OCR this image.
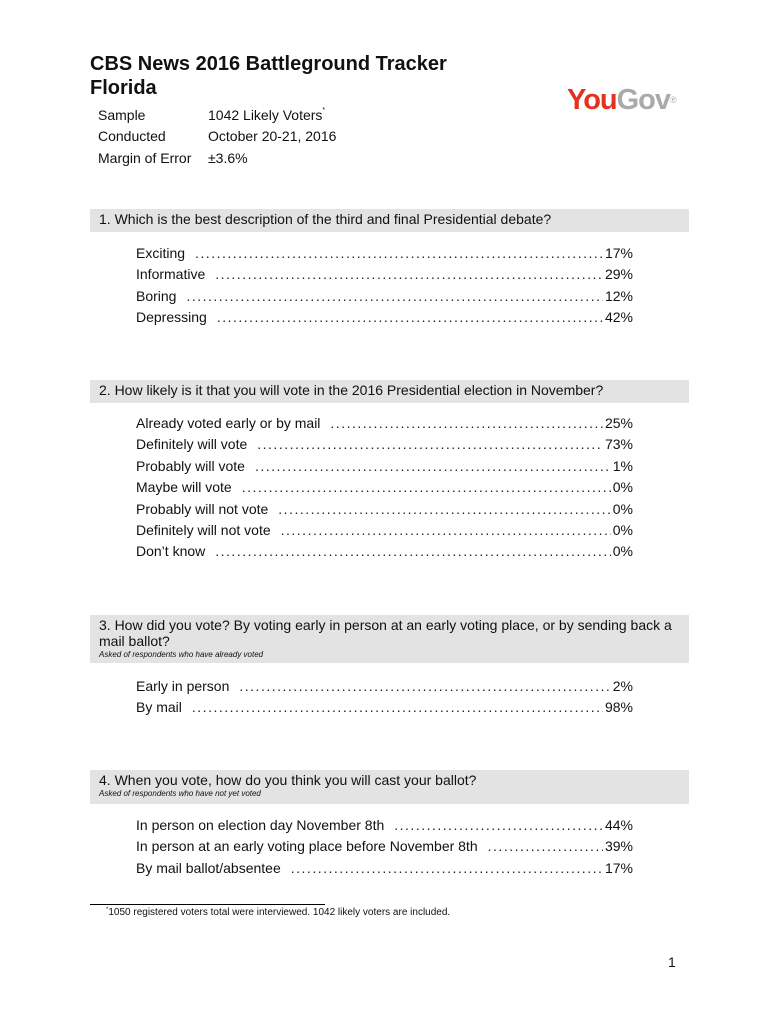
CBS News 2016 Battleground Tracker
Florida	YouGov®
Sample	1042 Likely Voters*
Conducted	October 20-21, 2016
Margin of Error	±3.6%
1. Which is the best description of the third and final Presidential debate?
Exciting .....	17%
Informative .....	29%
Boring .....	12%
Depressing .....	42%
2. How likely is it that you will vote in the 2016 Presidential election in November?
Already voted early or by mail .....	25%
Definitely will vote .....	73%
Probably will vote .....	1%
Maybe will vote .....	0%
Probably will not vote .....	0%
Definitely will not vote .....	0%
Don’t know .....	0%
3. How did you vote? By voting early in person at an early voting place, or by sending back a
mail ballot?
Asked of respondents who have already voted
Early in person .....	2%
By mail .....	98%
4. When you vote, how do you think you will cast your ballot?
Asked of respondents who have not yet voted
In person on election day November 8th .....	44%
In person at an early voting place before November 8th .....	39%
By mail ballot/absentee .....	17%
*1050 registered voters total were interviewed. 1042 likely voters are included.
1
